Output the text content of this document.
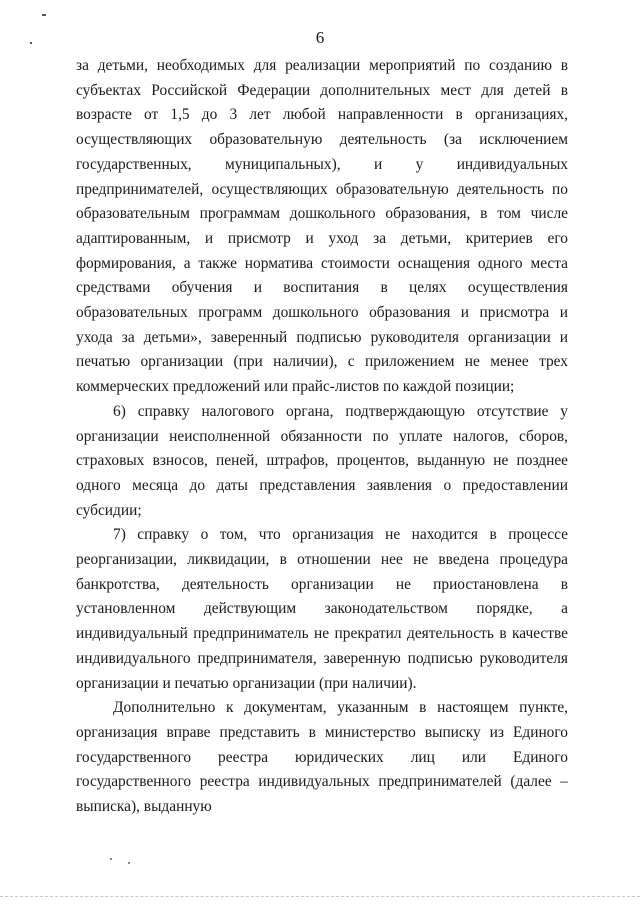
6

за детьми, необходимых для реализации мероприятий по созданию в субъектах Российской Федерации дополнительных мест для детей в возрасте от 1,5 до 3 лет любой направленности в организациях, осуществляющих образовательную деятельность (за исключением государственных, муниципальных), и у индивидуальных предпринимателей, осуществляющих образовательную деятельность по образовательным программам дошкольного образования, в том числе адаптированным, и присмотр и уход за детьми, критериев его формирования, а также норматива стоимости оснащения одного места средствами обучения и воспитания в целях осуществления образовательных программ дошкольного образования и присмотра и ухода за детьми», заверенный подписью руководителя организации и печатью организации (при наличии), с приложением не менее трех коммерческих предложений или прайс-листов по каждой позиции;

6) справку налогового органа, подтверждающую отсутствие у организации неисполненной обязанности по уплате налогов, сборов, страховых взносов, пеней, штрафов, процентов, выданную не позднее одного месяца до даты представления заявления о предоставлении субсидии;

7) справку о том, что организация не находится в процессе реорганизации, ликвидации, в отношении нее не введена процедура банкротства, деятельность организации не приостановлена в установленном действующим законодательством порядке, а индивидуальный предприниматель не прекратил деятельность в качестве индивидуального предпринимателя, заверенную подписью руководителя организации и печатью организации (при наличии).

Дополнительно к документам, указанным в настоящем пункте, организация вправе представить в министерство выписку из Единого государственного реестра юридических лиц или Единого государственного реестра индивидуальных предпринимателей (далее – выписка), выданную
